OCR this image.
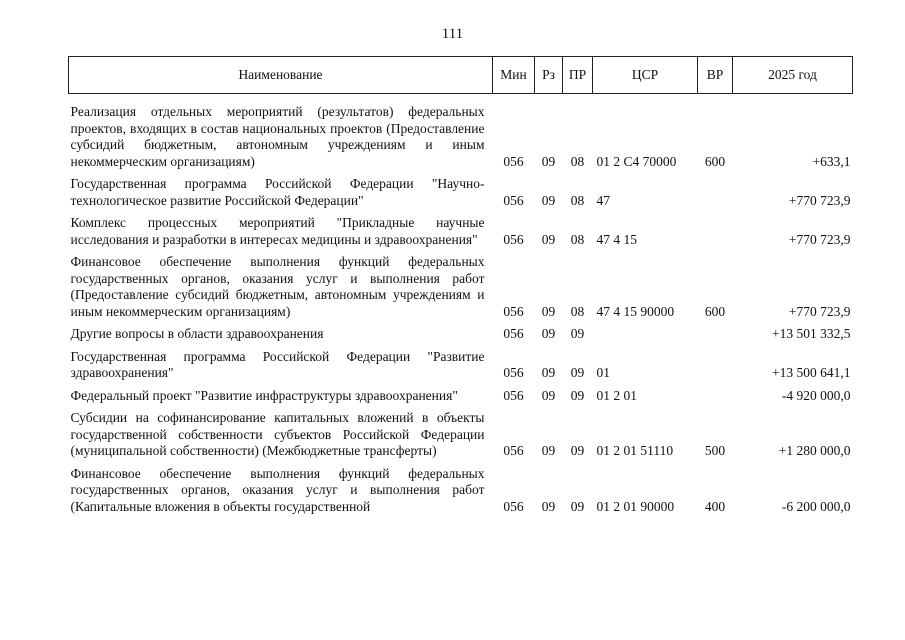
111
Наименование	Мин	Рз	ПР	ЦСР	ВР	2025 год
Реализация отдельных мероприятий (результатов) федеральных проектов, входящих в состав национальных проектов (Предоставление субсидий бюджетным, автономным учреждениям и иным некоммерческим организациям)	056	09	08	01 2 С4 70000	600	+633,1
Государственная программа Российской Федерации "Научно-технологическое развитие Российской Федерации"	056	09	08	47		+770 723,9
Комплекс процессных мероприятий "Прикладные научные исследования и разработки в интересах медицины и здравоохранения"	056	09	08	47 4 15		+770 723,9
Финансовое обеспечение выполнения функций федеральных государственных органов, оказания услуг и выполнения работ (Предоставление субсидий бюджетным, автономным учреждениям и иным некоммерческим организациям)	056	09	08	47 4 15 90000	600	+770 723,9
Другие вопросы в области здравоохранения	056	09	09			+13 501 332,5
Государственная программа Российской Федерации "Развитие здравоохранения"	056	09	09	01		+13 500 641,1
Федеральный проект "Развитие инфраструктуры здравоохранения"	056	09	09	01 2 01		-4 920 000,0
Субсидии на софинансирование капитальных вложений в объекты государственной собственности субъектов Российской Федерации (муниципальной собственности) (Межбюджетные трансферты)	056	09	09	01 2 01 51110	500	+1 280 000,0
Финансовое обеспечение выполнения функций федеральных государственных органов, оказания услуг и выполнения работ (Капитальные вложения в объекты государственной	056	09	09	01 2 01 90000	400	-6 200 000,0
